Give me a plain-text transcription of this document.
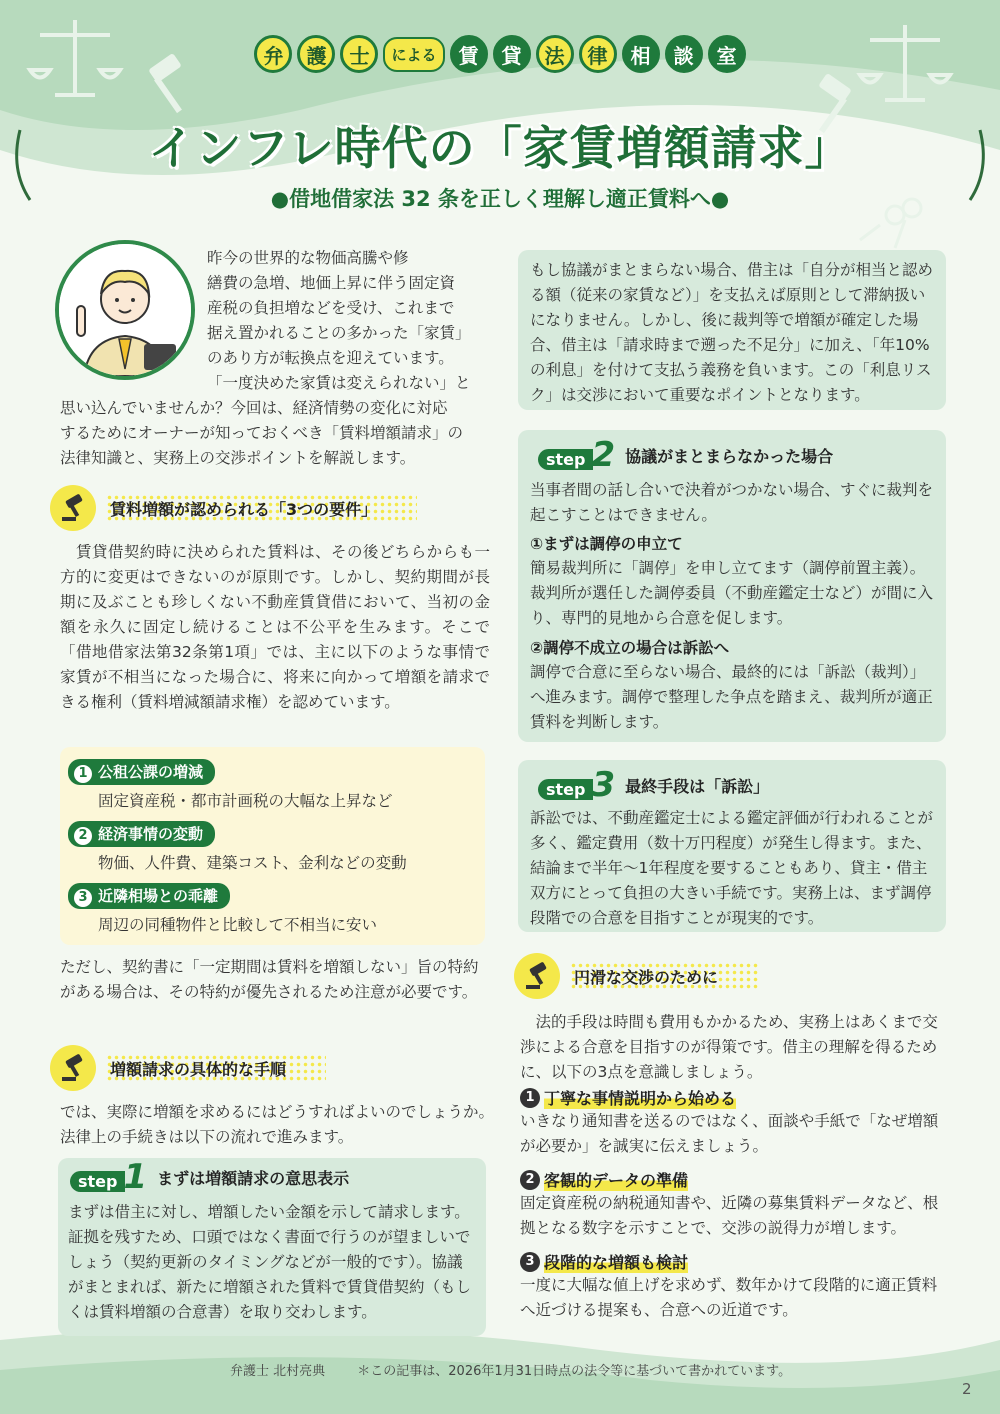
弁	護	士	による	賃	貸	法	律	相	談	室
インフレ時代の「家賃増額請求」
●借地借家法 32 条を正しく理解し適正賃料へ●
昨今の世界的な物価高騰や修
繕費の急増、地価上昇に伴う固定資
産税の負担増などを受け、これまで
据え置かれることの多かった「家賃」
のあり方が転換点を迎えています。
「一度決めた家賃は変えられない」と
思い込んでいませんか？今回は、経済情勢の変化に対応
するためにオーナーが知っておくべき「賃料増額請求」の
法律知識と、実務上の交渉ポイントを解説します。
賃料増額が認められる「3つの要件」
　賃貸借契約時に決められた賃料は、その後どちらからも一方的に変更はできないのが原則です。しかし、契約期間が長期に及ぶことも珍しくない不動産賃貸借において、当初の金額を永久に固定し続けることは不公平を生みます。そこで「借地借家法第32条第1項」では、主に以下のような事情で家賃が不相当になった場合に、将来に向かって増額を請求できる権利（賃料増減額請求権）を認めています。
1 公租公課の増減
固定資産税・都市計画税の大幅な上昇など
2 経済事情の変動
物価、人件費、建築コスト、金利などの変動
3 近隣相場との乖離
周辺の同種物件と比較して不相当に安い
ただし、契約書に「一定期間は賃料を増額しない」旨の特約がある場合は、その特約が優先されるため注意が必要です。
増額請求の具体的な手順
では、実際に増額を求めるにはどうすればよいのでしょうか。法律上の手続きは以下の流れで進みます。
step 1 まずは増額請求の意思表示
まずは借主に対し、増額したい金額を示して請求します。証拠を残すため、口頭ではなく書面で行うのが望ましいでしょう（契約更新のタイミングなどが一般的です）。協議がまとまれば、新たに増額された賃料で賃貸借契約（もしくは賃料増額の合意書）を取り交わします。
もし協議がまとまらない場合、借主は「自分が相当と認める額（従来の家賃など）」を支払えば原則として滞納扱いになりません。しかし、後に裁判等で増額が確定した場合、借主は「請求時まで遡った不足分」に加え、「年10%の利息」を付けて支払う義務を負います。この「利息リスク」は交渉において重要なポイントとなります。
step 2 協議がまとまらなかった場合
当事者間の話し合いで決着がつかない場合、すぐに裁判を起こすことはできません。
①まずは調停の申立て
簡易裁判所に「調停」を申し立てます（調停前置主義）。裁判所が選任した調停委員（不動産鑑定士など）が間に入り、専門的見地から合意を促します。
②調停不成立の場合は訴訟へ
調停で合意に至らない場合、最終的には「訴訟（裁判）」へ進みます。調停で整理した争点を踏まえ、裁判所が適正賃料を判断します。
step 3 最終手段は「訴訟」
訴訟では、不動産鑑定士による鑑定評価が行われることが多く、鑑定費用（数十万円程度）が発生し得ます。また、結論まで半年〜1年程度を要することもあり、貸主・借主双方にとって負担の大きい手続です。実務上は、まず調停段階での合意を目指すことが現実的です。
円滑な交渉のために
　法的手段は時間も費用もかかるため、実務上はあくまで交渉による合意を目指すのが得策です。借主の理解を得るために、以下の3点を意識しましょう。
1 丁寧な事情説明から始める
いきなり通知書を送るのではなく、面談や手紙で「なぜ増額が必要か」を誠実に伝えましょう。
2 客観的データの準備
固定資産税の納税通知書や、近隣の募集賃料データなど、根拠となる数字を示すことで、交渉の説得力が増します。
3 段階的な増額も検討
一度に大幅な値上げを求めず、数年かけて段階的に適正賃料へ近づける提案も、合意への近道です。
弁護士 北村亮典 ＊この記事は、2026年1月31日時点の法令等に基づいて書かれています。
2
